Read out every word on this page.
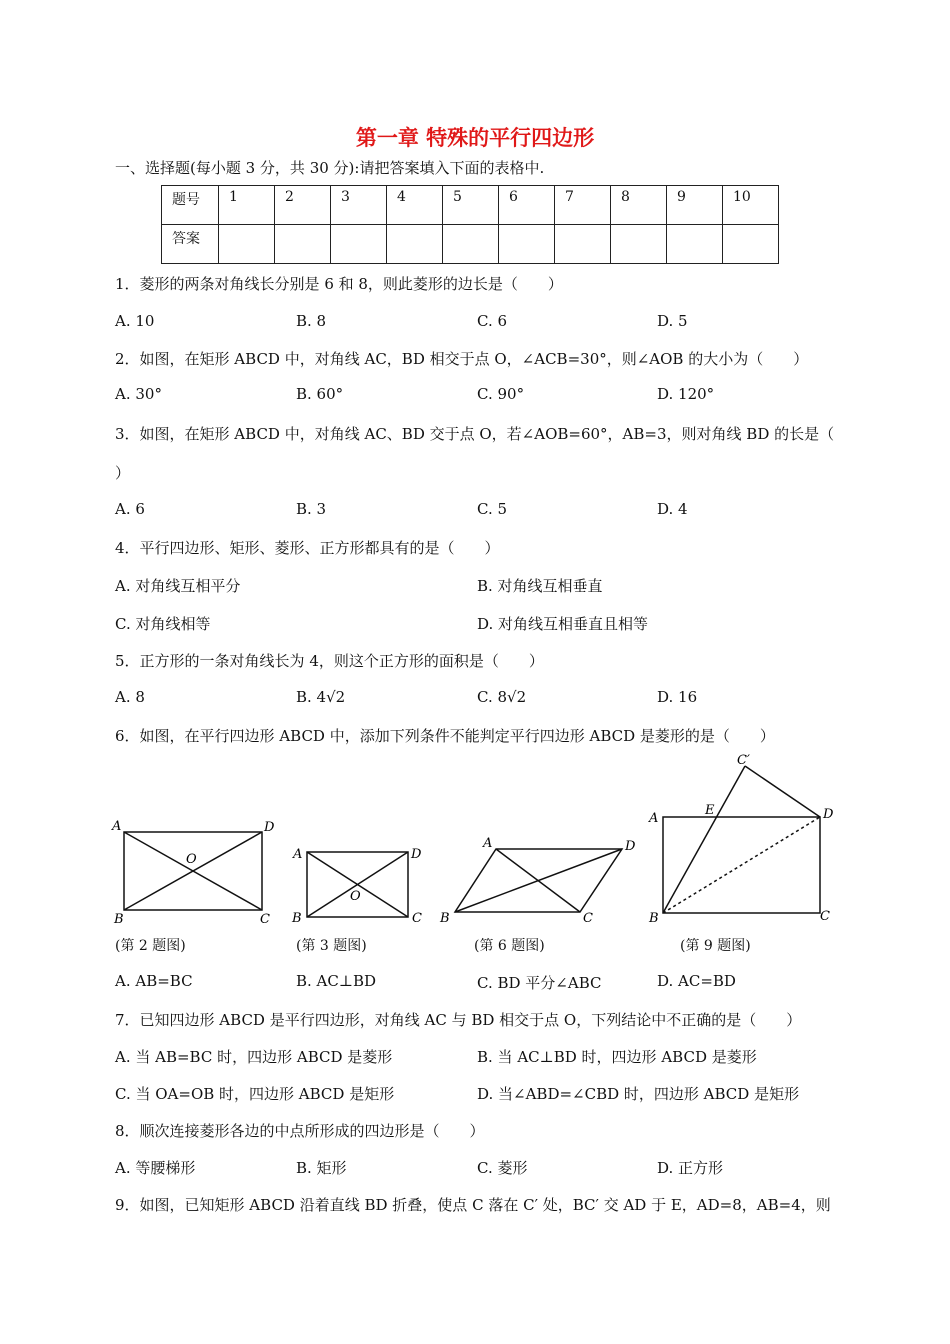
第一章 特殊的平行四边形
一、选择题(每小题 3 分，共 30 分):请把答案填入下面的表格中.
题号	1	2	3	4	5	6	7	8	9	10
答案										
1．菱形的两条对角线长分别是 6 和 8，则此菱形的边长是（　　）
A. 10	B. 8	C. 6	D. 5
2．如图，在矩形 ABCD 中，对角线 AC，BD 相交于点 O，∠ACB=30°，则∠AOB 的大小为（　　）
A. 30°	B. 60°	C. 90°	D. 120°
3．如图，在矩形 ABCD 中，对角线 AC、BD 交于点 O，若∠AOB=60°，AB=3，则对角线 BD 的长是（
）
A. 6	B. 3	C. 5	D. 4
4．平行四边形、矩形、菱形、正方形都具有的是（　　）
A. 对角线互相平分	B. 对角线互相垂直
C. 对角线相等	D. 对角线互相垂直且相等
5．正方形的一条对角线长为 4，则这个正方形的面积是（　　）
A. 8	B. 4√2	C. 8√2	D. 16
6．如图，在平行四边形 ABCD 中，添加下列条件不能判定平行四边形 ABCD 是菱形的是（　　）
A	D
O
B	C
A	D
O
B	C
A	D
B	C
C′
E
A	D
B	C
(第 2 题图)	(第 3 题图)	(第 6 题图)	(第 9 题图)
A. AB=BC	B. AC⊥BD	C. BD 平分∠ABC	D. AC=BD
7．已知四边形 ABCD 是平行四边形，对角线 AC 与 BD 相交于点 O，下列结论中不正确的是（　　）
A. 当 AB=BC 时，四边形 ABCD 是菱形	B. 当 AC⊥BD 时，四边形 ABCD 是菱形
C. 当 OA=OB 时，四边形 ABCD 是矩形	D. 当∠ABD=∠CBD 时，四边形 ABCD 是矩形
8．顺次连接菱形各边的中点所形成的四边形是（　　）
A. 等腰梯形	B. 矩形	C. 菱形	D. 正方形
9．如图，已知矩形 ABCD 沿着直线 BD 折叠，使点 C 落在 C′ 处，BC′ 交 AD 于 E，AD=8，AB=4，则
